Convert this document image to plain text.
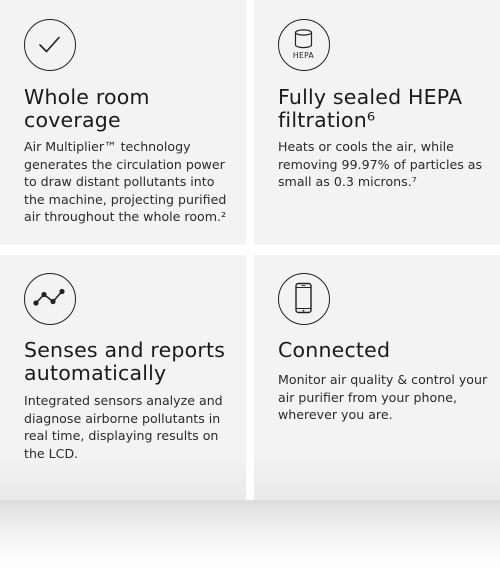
Whole room coverage

Air Multiplier™ technology generates the circulation power to draw distant pollutants into the machine, projecting purified air throughout the whole room.²

HEPA
Fully sealed HEPA filtration⁶

Heats or cools the air, while removing 99.97% of particles as small as 0.3 microns.⁷

Senses and reports automatically

Integrated sensors analyze and diagnose airborne pollutants in real time, displaying results on the LCD.

Connected

Monitor air quality & control your air purifier from your phone, wherever you are.
